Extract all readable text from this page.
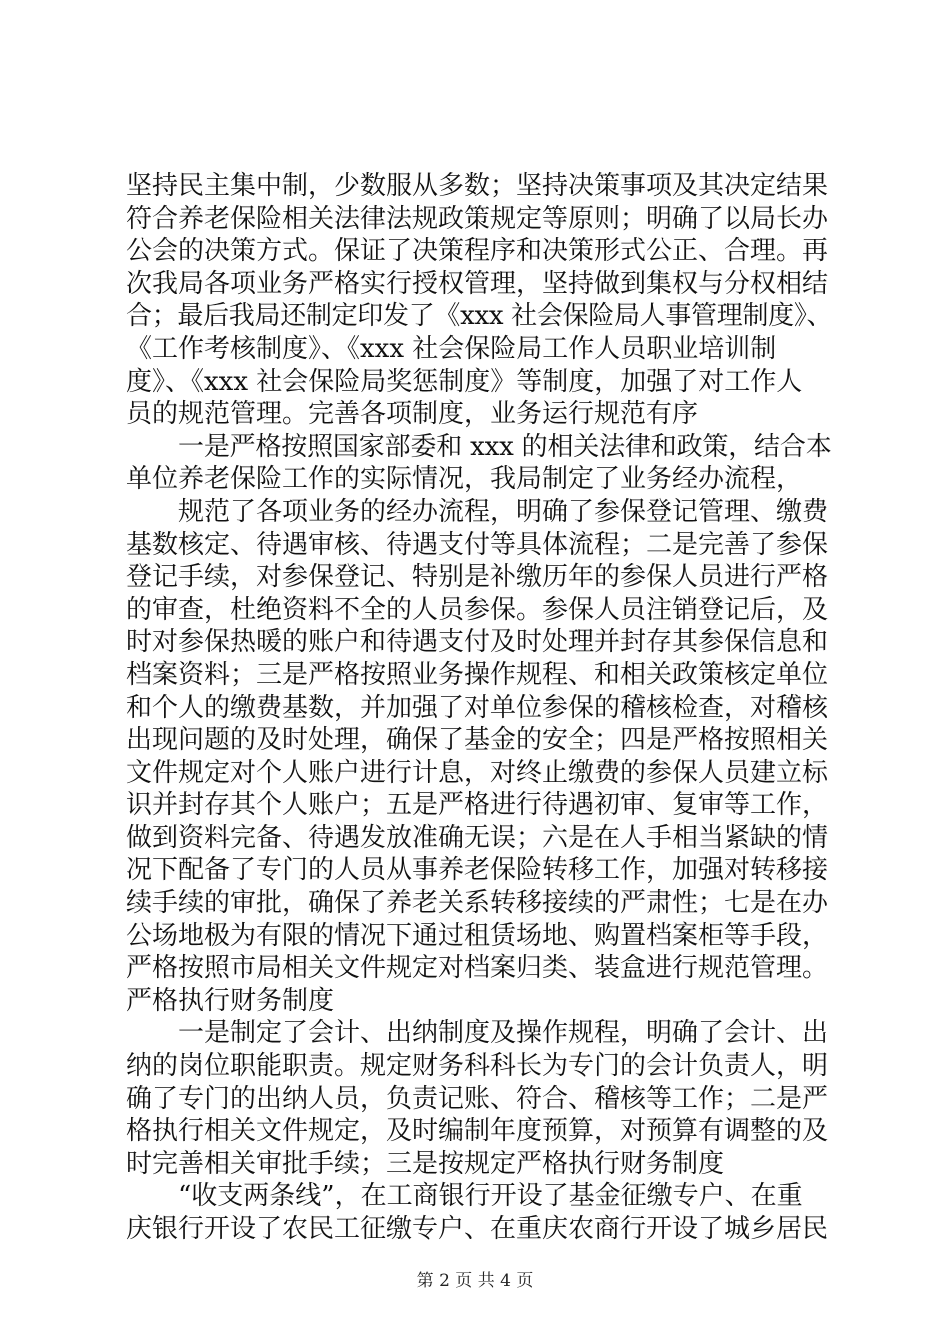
坚持民主集中制，少数服从多数；坚持决策事项及其决定结果
符合养老保险相关法律法规政策规定等原则；明确了以局长办
公会的决策方式。保证了决策程序和决策形式公正、合理。再
次我局各项业务严格实行授权管理，坚持做到集权与分权相结
合；最后我局还制定印发了《xxx 社会保险局人事管理制度》、
《工作考核制度》、《xxx 社会保险局工作人员职业培训制
度》、《xxx 社会保险局奖惩制度》等制度，加强了对工作人
员的规范管理。完善各项制度，业务运行规范有序
一是严格按照国家部委和 xxx 的相关法律和政策，结合本
单位养老保险工作的实际情况，我局制定了业务经办流程，
规范了各项业务的经办流程，明确了参保登记管理、缴费
基数核定、待遇审核、待遇支付等具体流程；二是完善了参保
登记手续，对参保登记、特别是补缴历年的参保人员进行严格
的审查，杜绝资料不全的人员参保。参保人员注销登记后，及
时对参保热暖的账户和待遇支付及时处理并封存其参保信息和
档案资料；三是严格按照业务操作规程、和相关政策核定单位
和个人的缴费基数，并加强了对单位参保的稽核检查，对稽核
出现问题的及时处理，确保了基金的安全；四是严格按照相关
文件规定对个人账户进行计息，对终止缴费的参保人员建立标
识并封存其个人账户；五是严格进行待遇初审、复审等工作，
做到资料完备、待遇发放准确无误；六是在人手相当紧缺的情
况下配备了专门的人员从事养老保险转移工作，加强对转移接
续手续的审批，确保了养老关系转移接续的严肃性；七是在办
公场地极为有限的情况下通过租赁场地、购置档案柜等手段，
严格按照市局相关文件规定对档案归类、装盒进行规范管理。
严格执行财务制度
一是制定了会计、出纳制度及操作规程，明确了会计、出
纳的岗位职能职责。规定财务科科长为专门的会计负责人，明
确了专门的出纳人员，负责记账、符合、稽核等工作；二是严
格执行相关文件规定，及时编制年度预算，对预算有调整的及
时完善相关审批手续；三是按规定严格执行财务制度
“收支两条线”，在工商银行开设了基金征缴专户、在重
庆银行开设了农民工征缴专户、在重庆农商行开设了城乡居民
第 2 页 共 4 页
